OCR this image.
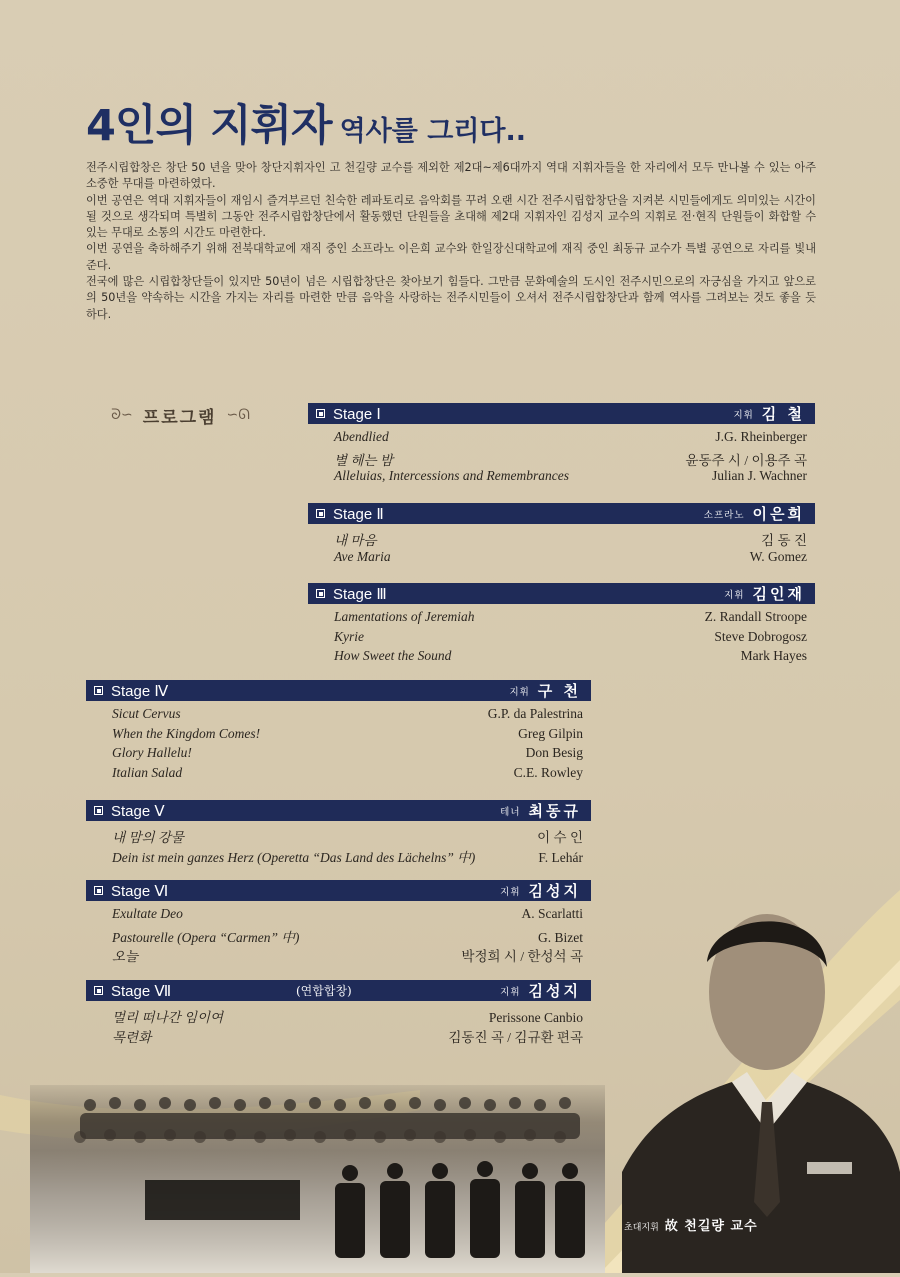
4인의 지휘자 역사를 그리다..

전주시립합창은 창단 50 년을 맞아 창단지휘자인 고 천길량 교수를 제외한 제2대~제6대까지 역대 지휘자들을 한 자리에서 모두 만나볼 수 있는 아주 소중한 무대를 마련하였다.

이번 공연은 역대 지휘자들이 재임시 즐겨부르던 친숙한 레파토리로 음악회를 꾸려 오랜 시간 전주시립합창단을 지켜본 시민들에게도 의미있는 시간이 될 것으로 생각되며 특별히 그동안 전주시립합창단에서 활동했던 단원들을 초대해 제2대 지휘자인 김성지 교수의 지휘로 전·현직 단원들이 화합할 수 있는 무대로 소통의 시간도 마련한다.

이번 공연을 축하해주기 위해 전북대학교에 재직 중인 소프라노 이은희 교수와 한일장신대학교에 재직 중인 최동규 교수가 특별 공연으로 자리를 빛내준다.

전국에 많은 시립합창단들이 있지만 50년이 넘은 시립합창단은 찾아보기 힘들다. 그만큼 문화예술의 도시인 전주시민으로의 자긍심을 가지고 앞으로의 50년을 약속하는 시간을 가지는 자리를 마련한 만큼 음악을 사랑하는 전주시민들이 오셔서 전주시립합창단과 함께 역사를 그려보는 것도 좋을 듯 하다.

ᘐ∽ 프로그램 ∽ᘏ	Stage Ⅰ	지휘 김 철
Abendlied	J.G. Rheinberger
별 헤는 밤	윤동주 시 / 이용주 곡
Alleluias, Intercessions and Remembrances	Julian J. Wachner
Stage Ⅱ	소프라노 이은희
내 마음	김 동 진
Ave Maria	W. Gomez
Stage Ⅲ	지휘 김인재
Lamentations of Jeremiah	Z. Randall Stroope
Kyrie	Steve Dobrogosz
How Sweet the Sound	Mark Hayes
Stage Ⅳ	지휘 구 천
Sicut Cervus	G.P. da Palestrina
When the Kingdom Comes!	Greg Gilpin
Glory Hallelu!	Don Besig
Italian Salad	C.E. Rowley
Stage Ⅴ	테너 최동규
내 맘의 강물	이 수 인
Dein ist mein ganzes Herz (Operetta “Das Land des Lächelns” 中)	F. Lehár
Stage Ⅵ	지휘 김성지
Exultate Deo	A. Scarlatti
Pastourelle (Opera “Carmen” 中)	G. Bizet
오늘	박정희 시 / 한성석 곡
Stage Ⅶ	(연합합창)	지휘 김성지
멀리 떠나간 임이여	Perissone Canbio
목련화	김동진 곡 / 김규환 편곡
초대지휘 故 천길량 교수
